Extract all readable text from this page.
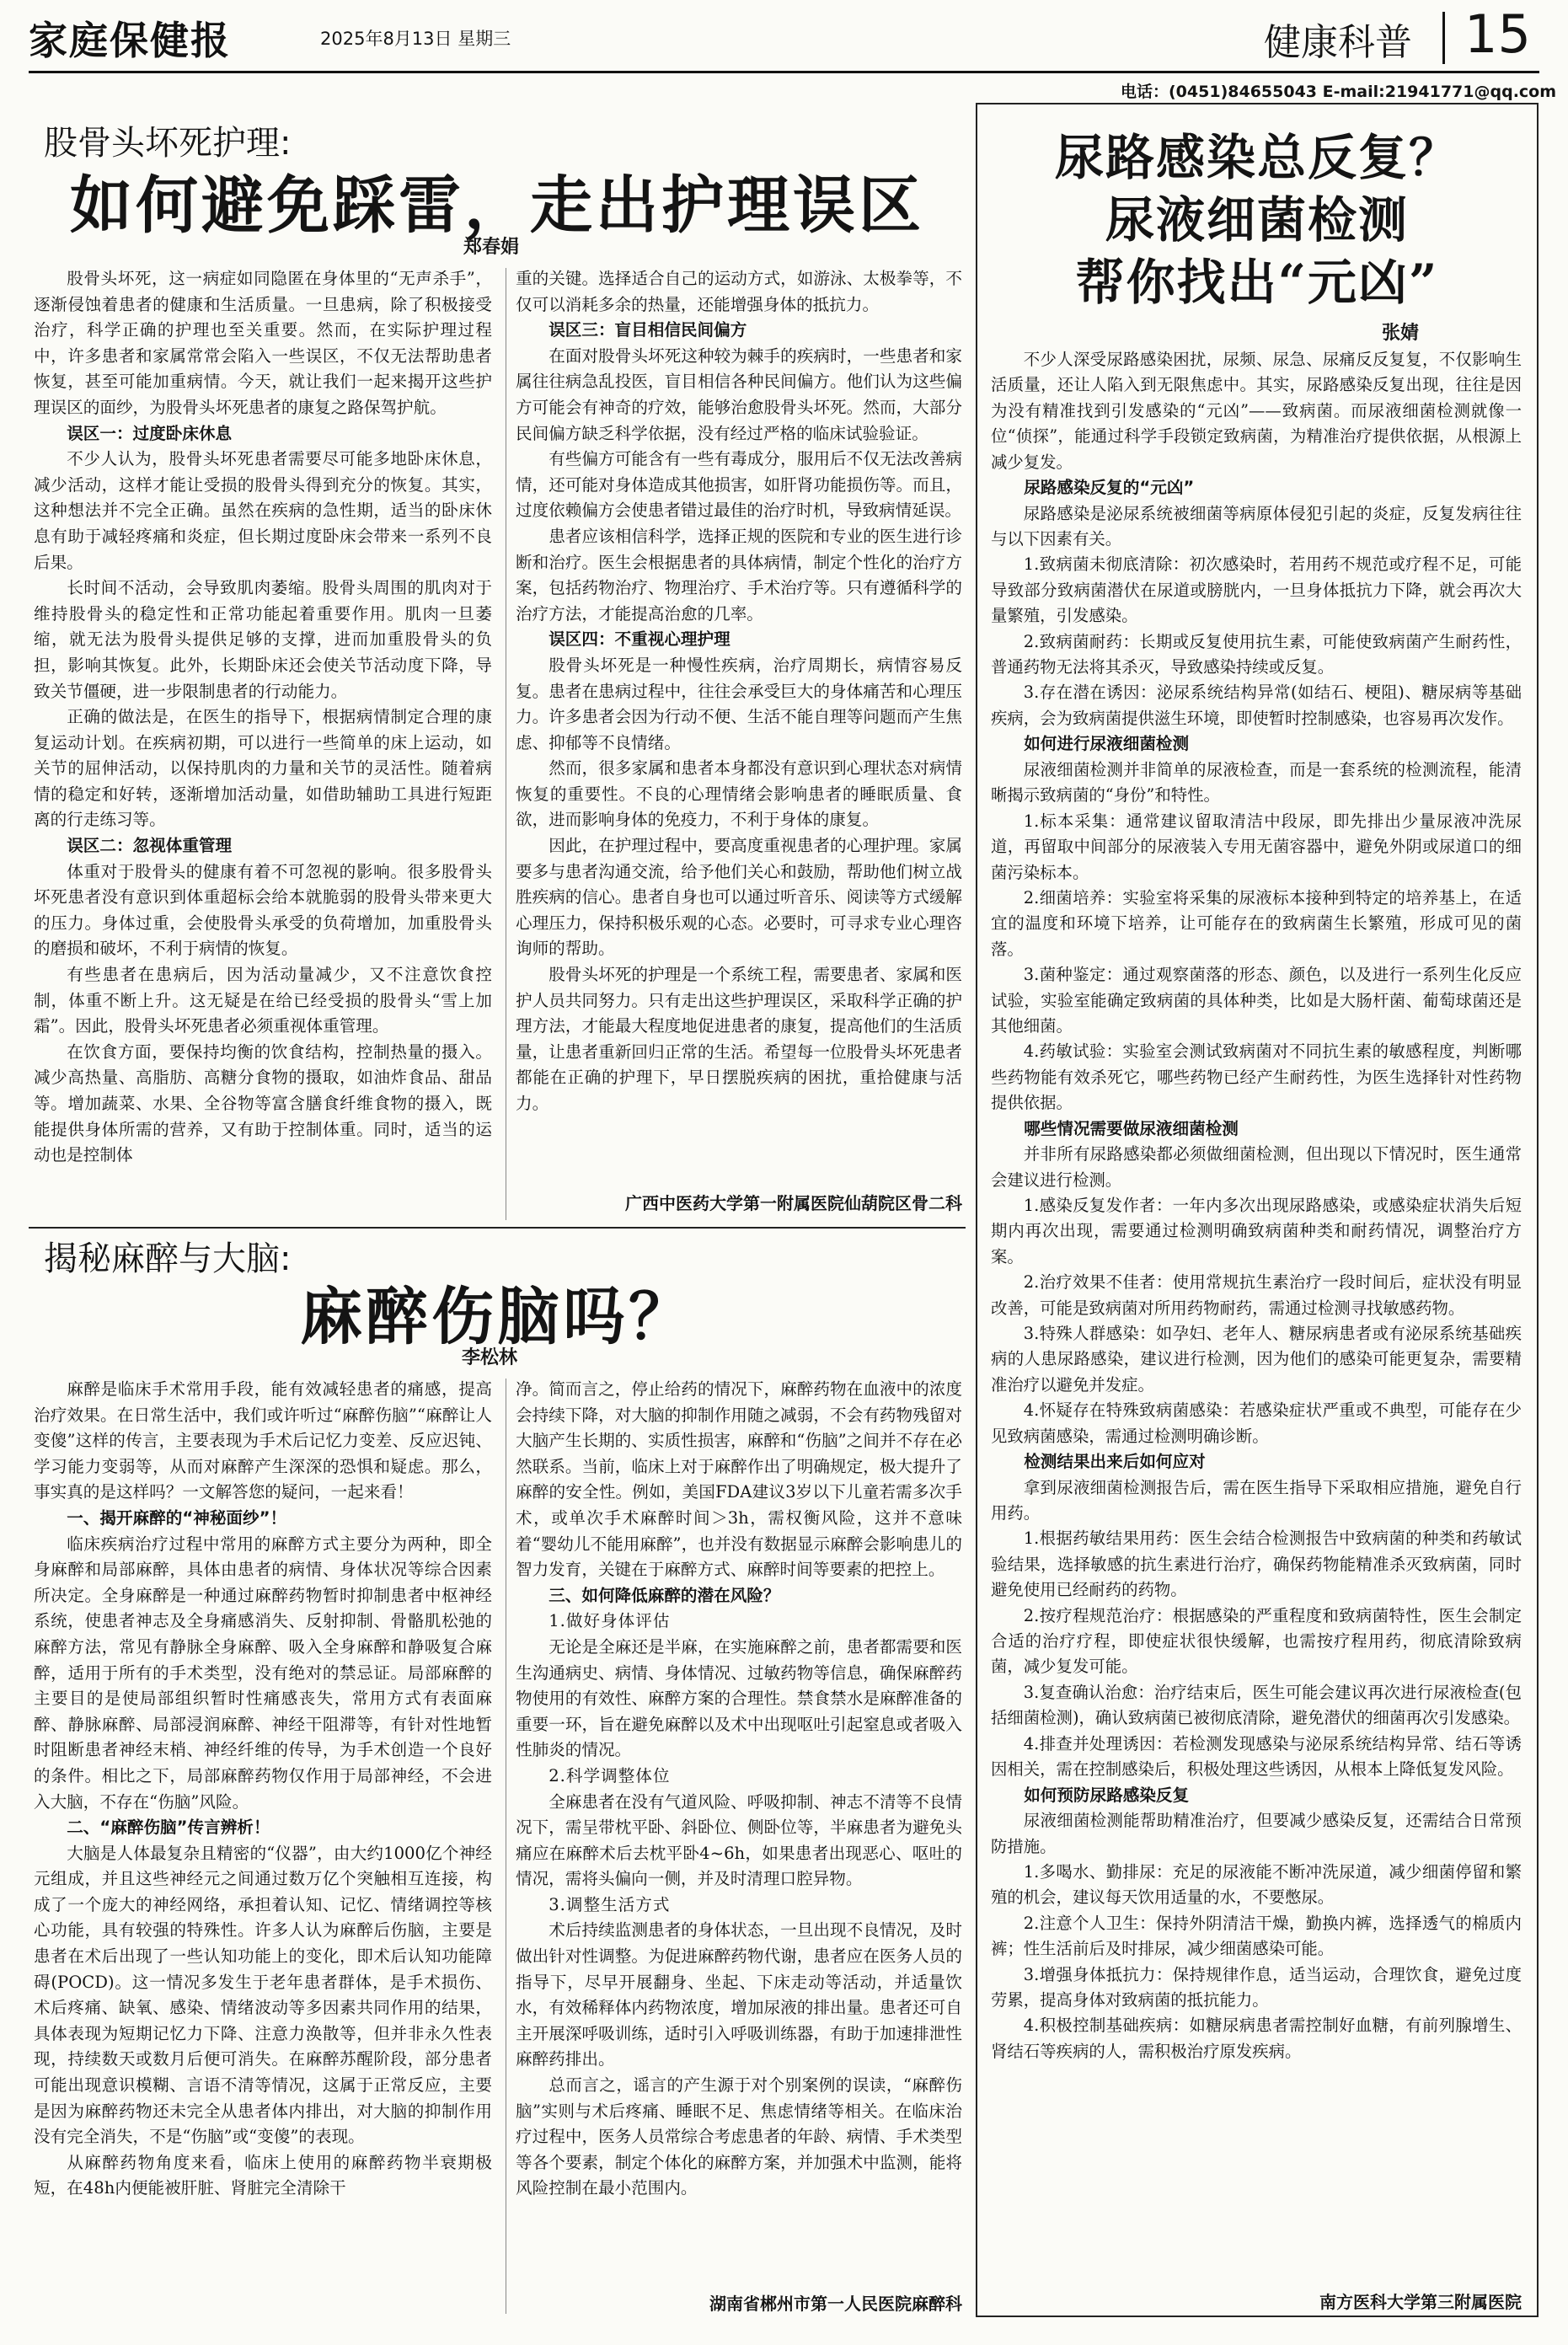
家庭保健报	2025年8月13日 星期三	健康科普 15
电话：(0451)84655043 E-mail:21941771@qq.com
股骨头坏死护理:
如何避免踩雷，走出护理误区
郑春娟

股骨头坏死，这一病症如同隐匿在身体里的“无声杀手”，逐渐侵蚀着患者的健康和生活质量。一旦患病，除了积极接受治疗，科学正确的护理也至关重要。然而，在实际护理过程中，许多患者和家属常常会陷入一些误区，不仅无法帮助患者恢复，甚至可能加重病情。今天，就让我们一起来揭开这些护理误区的面纱，为股骨头坏死患者的康复之路保驾护航。

误区一：过度卧床休息

不少人认为，股骨头坏死患者需要尽可能多地卧床休息，减少活动，这样才能让受损的股骨头得到充分的恢复。其实，这种想法并不完全正确。虽然在疾病的急性期，适当的卧床休息有助于减轻疼痛和炎症，但长期过度卧床会带来一系列不良后果。

长时间不活动，会导致肌肉萎缩。股骨头周围的肌肉对于维持股骨头的稳定性和正常功能起着重要作用。肌肉一旦萎缩，就无法为股骨头提供足够的支撑，进而加重股骨头的负担，影响其恢复。此外，长期卧床还会使关节活动度下降，导致关节僵硬，进一步限制患者的行动能力。

正确的做法是，在医生的指导下，根据病情制定合理的康复运动计划。在疾病初期，可以进行一些简单的床上运动，如关节的屈伸活动，以保持肌肉的力量和关节的灵活性。随着病情的稳定和好转，逐渐增加活动量，如借助辅助工具进行短距离的行走练习等。

误区二：忽视体重管理

体重对于股骨头的健康有着不可忽视的影响。很多股骨头坏死患者没有意识到体重超标会给本就脆弱的股骨头带来更大的压力。身体过重，会使股骨头承受的负荷增加，加重股骨头的磨损和破坏，不利于病情的恢复。

有些患者在患病后，因为活动量减少，又不注意饮食控制，体重不断上升。这无疑是在给已经受损的股骨头“雪上加霜”。因此，股骨头坏死患者必须重视体重管理。

在饮食方面，要保持均衡的饮食结构，控制热量的摄入。减少高热量、高脂肪、高糖分食物的摄取，如油炸食品、甜品等。增加蔬菜、水果、全谷物等富含膳食纤维食物的摄入，既能提供身体所需的营养，又有助于控制体重。同时，适当的运动也是控制体

重的关键。选择适合自己的运动方式，如游泳、太极拳等，不仅可以消耗多余的热量，还能增强身体的抵抗力。

误区三：盲目相信民间偏方

在面对股骨头坏死这种较为棘手的疾病时，一些患者和家属往往病急乱投医，盲目相信各种民间偏方。他们认为这些偏方可能会有神奇的疗效，能够治愈股骨头坏死。然而，大部分民间偏方缺乏科学依据，没有经过严格的临床试验验证。

有些偏方可能含有一些有毒成分，服用后不仅无法改善病情，还可能对身体造成其他损害，如肝肾功能损伤等。而且，过度依赖偏方会使患者错过最佳的治疗时机，导致病情延误。

患者应该相信科学，选择正规的医院和专业的医生进行诊断和治疗。医生会根据患者的具体病情，制定个性化的治疗方案，包括药物治疗、物理治疗、手术治疗等。只有遵循科学的治疗方法，才能提高治愈的几率。

误区四：不重视心理护理

股骨头坏死是一种慢性疾病，治疗周期长，病情容易反复。患者在患病过程中，往往会承受巨大的身体痛苦和心理压力。许多患者会因为行动不便、生活不能自理等问题而产生焦虑、抑郁等不良情绪。

然而，很多家属和患者本身都没有意识到心理状态对病情恢复的重要性。不良的心理情绪会影响患者的睡眠质量、食欲，进而影响身体的免疫力，不利于身体的康复。

因此，在护理过程中，要高度重视患者的心理护理。家属要多与患者沟通交流，给予他们关心和鼓励，帮助他们树立战胜疾病的信心。患者自身也可以通过听音乐、阅读等方式缓解心理压力，保持积极乐观的心态。必要时，可寻求专业心理咨询师的帮助。

股骨头坏死的护理是一个系统工程，需要患者、家属和医护人员共同努力。只有走出这些护理误区，采取科学正确的护理方法，才能最大程度地促进患者的康复，提高他们的生活质量，让患者重新回归正常的生活。希望每一位股骨头坏死患者都能在正确的护理下，早日摆脱疾病的困扰，重拾健康与活力。

广西中医药大学第一附属医院仙葫院区骨二科
揭秘麻醉与大脑:
麻醉伤脑吗？
李松林

麻醉是临床手术常用手段，能有效减轻患者的痛感，提高治疗效果。在日常生活中，我们或许听过“麻醉伤脑”“麻醉让人变傻”这样的传言，主要表现为手术后记忆力变差、反应迟钝、学习能力变弱等，从而对麻醉产生深深的恐惧和疑虑。那么，事实真的是这样吗？一文解答您的疑问，一起来看！

一、揭开麻醉的“神秘面纱”！

临床疾病治疗过程中常用的麻醉方式主要分为两种，即全身麻醉和局部麻醉，具体由患者的病情、身体状况等综合因素所决定。全身麻醉是一种通过麻醉药物暂时抑制患者中枢神经系统，使患者神志及全身痛感消失、反射抑制、骨骼肌松弛的麻醉方法，常见有静脉全身麻醉、吸入全身麻醉和静吸复合麻醉，适用于所有的手术类型，没有绝对的禁忌证。局部麻醉的主要目的是使局部组织暂时性痛感丧失，常用方式有表面麻醉、静脉麻醉、局部浸润麻醉、神经干阻滞等，有针对性地暂时阻断患者神经末梢、神经纤维的传导，为手术创造一个良好的条件。相比之下，局部麻醉药物仅作用于局部神经，不会进入大脑，不存在“伤脑”风险。

二、“麻醉伤脑”传言辨析！

大脑是人体最复杂且精密的“仪器”，由大约1000亿个神经元组成，并且这些神经元之间通过数万亿个突触相互连接，构成了一个庞大的神经网络，承担着认知、记忆、情绪调控等核心功能，具有较强的特殊性。许多人认为麻醉后伤脑，主要是患者在术后出现了一些认知功能上的变化，即术后认知功能障碍(POCD)。这一情况多发生于老年患者群体，是手术损伤、术后疼痛、缺氧、感染、情绪波动等多因素共同作用的结果，具体表现为短期记忆力下降、注意力涣散等，但并非永久性表现，持续数天或数月后便可消失。在麻醉苏醒阶段，部分患者可能出现意识模糊、言语不清等情况，这属于正常反应，主要是因为麻醉药物还未完全从患者体内排出，对大脑的抑制作用没有完全消失，不是“伤脑”或“变傻”的表现。

从麻醉药物角度来看，临床上使用的麻醉药物半衰期极短，在48h内便能被肝脏、肾脏完全清除干

净。简而言之，停止给药的情况下，麻醉药物在血液中的浓度会持续下降，对大脑的抑制作用随之减弱，不会有药物残留对大脑产生长期的、实质性损害，麻醉和“伤脑”之间并不存在必然联系。当前，临床上对于麻醉作出了明确规定，极大提升了麻醉的安全性。例如，美国FDA建议3岁以下儿童若需多次手术，或单次手术麻醉时间＞3h，需权衡风险，这并不意味着“婴幼儿不能用麻醉”，也并没有数据显示麻醉会影响患儿的智力发育，关键在于麻醉方式、麻醉时间等要素的把控上。

三、如何降低麻醉的潜在风险？
1.做好身体评估

无论是全麻还是半麻，在实施麻醉之前，患者都需要和医生沟通病史、病情、身体情况、过敏药物等信息，确保麻醉药物使用的有效性、麻醉方案的合理性。禁食禁水是麻醉准备的重要一环，旨在避免麻醉以及术中出现呕吐引起窒息或者吸入性肺炎的情况。

2.科学调整体位

全麻患者在没有气道风险、呼吸抑制、神志不清等不良情况下，需呈带枕平卧、斜卧位、侧卧位等，半麻患者为避免头痛应在麻醉术后去枕平卧4~6h，如果患者出现恶心、呕吐的情况，需将头偏向一侧，并及时清理口腔异物。

3.调整生活方式

术后持续监测患者的身体状态，一旦出现不良情况，及时做出针对性调整。为促进麻醉药物代谢，患者应在医务人员的指导下，尽早开展翻身、坐起、下床走动等活动，并适量饮水，有效稀释体内药物浓度，增加尿液的排出量。患者还可自主开展深呼吸训练，适时引入呼吸训练器，有助于加速排泄性麻醉药排出。

总而言之，谣言的产生源于对个别案例的误读，“麻醉伤脑”实则与术后疼痛、睡眠不足、焦虑情绪等相关。在临床治疗过程中，医务人员常综合考虑患者的年龄、病情、手术类型等各个要素，制定个体化的麻醉方案，并加强术中监测，能将风险控制在最小范围内。

湖南省郴州市第一人民医院麻醉科
尿路感染总反复？
尿液细菌检测
帮你找出“元凶”
张婧

不少人深受尿路感染困扰，尿频、尿急、尿痛反反复复，不仅影响生活质量，还让人陷入到无限焦虑中。其实，尿路感染反复出现，往往是因为没有精准找到引发感染的“元凶”——致病菌。而尿液细菌检测就像一位“侦探”，能通过科学手段锁定致病菌，为精准治疗提供依据，从根源上减少复发。

尿路感染反复的“元凶”

尿路感染是泌尿系统被细菌等病原体侵犯引起的炎症，反复发病往往与以下因素有关。

1.致病菌未彻底清除：初次感染时，若用药不规范或疗程不足，可能导致部分致病菌潜伏在尿道或膀胱内，一旦身体抵抗力下降，就会再次大量繁殖，引发感染。

2.致病菌耐药：长期或反复使用抗生素，可能使致病菌产生耐药性，普通药物无法将其杀灭，导致感染持续或反复。

3.存在潜在诱因：泌尿系统结构异常(如结石、梗阻)、糖尿病等基础疾病，会为致病菌提供滋生环境，即使暂时控制感染，也容易再次发作。

如何进行尿液细菌检测

尿液细菌检测并非简单的尿液检查，而是一套系统的检测流程，能清晰揭示致病菌的“身份”和特性。

1.标本采集：通常建议留取清洁中段尿，即先排出少量尿液冲洗尿道，再留取中间部分的尿液装入专用无菌容器中，避免外阴或尿道口的细菌污染标本。

2.细菌培养：实验室将采集的尿液标本接种到特定的培养基上，在适宜的温度和环境下培养，让可能存在的致病菌生长繁殖，形成可见的菌落。

3.菌种鉴定：通过观察菌落的形态、颜色，以及进行一系列生化反应试验，实验室能确定致病菌的具体种类，比如是大肠杆菌、葡萄球菌还是其他细菌。

4.药敏试验：实验室会测试致病菌对不同抗生素的敏感程度，判断哪些药物能有效杀死它，哪些药物已经产生耐药性，为医生选择针对性药物提供依据。

哪些情况需要做尿液细菌检测

并非所有尿路感染都必须做细菌检测，但出现以下情况时，医生通常会建议进行检测。

1.感染反复发作者：一年内多次出现尿路感染，或感染症状消失后短期内再次出现，需要通过检测明确致病菌种类和耐药情况，调整治疗方案。

2.治疗效果不佳者：使用常规抗生素治疗一段时间后，症状没有明显改善，可能是致病菌对所用药物耐药，需通过检测寻找敏感药物。

3.特殊人群感染：如孕妇、老年人、糖尿病患者或有泌尿系统基础疾病的人患尿路感染，建议进行检测，因为他们的感染可能更复杂，需要精准治疗以避免并发症。

4.怀疑存在特殊致病菌感染：若感染症状严重或不典型，可能存在少见致病菌感染，需通过检测明确诊断。

检测结果出来后如何应对

拿到尿液细菌检测报告后，需在医生指导下采取相应措施，避免自行用药。

1.根据药敏结果用药：医生会结合检测报告中致病菌的种类和药敏试验结果，选择敏感的抗生素进行治疗，确保药物能精准杀灭致病菌，同时避免使用已经耐药的药物。

2.按疗程规范治疗：根据感染的严重程度和致病菌特性，医生会制定合适的治疗疗程，即使症状很快缓解，也需按疗程用药，彻底清除致病菌，减少复发可能。

3.复查确认治愈：治疗结束后，医生可能会建议再次进行尿液检查(包括细菌检测)，确认致病菌已被彻底清除，避免潜伏的细菌再次引发感染。

4.排查并处理诱因：若检测发现感染与泌尿系统结构异常、结石等诱因相关，需在控制感染后，积极处理这些诱因，从根本上降低复发风险。

如何预防尿路感染反复

尿液细菌检测能帮助精准治疗，但要减少感染反复，还需结合日常预防措施。

1.多喝水、勤排尿：充足的尿液能不断冲洗尿道，减少细菌停留和繁殖的机会，建议每天饮用适量的水，不要憋尿。

2.注意个人卫生：保持外阴清洁干燥，勤换内裤，选择透气的棉质内裤；性生活前后及时排尿，减少细菌感染可能。

3.增强身体抵抗力：保持规律作息，适当运动，合理饮食，避免过度劳累，提高身体对致病菌的抵抗能力。

4.积极控制基础疾病：如糖尿病患者需控制好血糖，有前列腺增生、肾结石等疾病的人，需积极治疗原发疾病。

南方医科大学第三附属医院
